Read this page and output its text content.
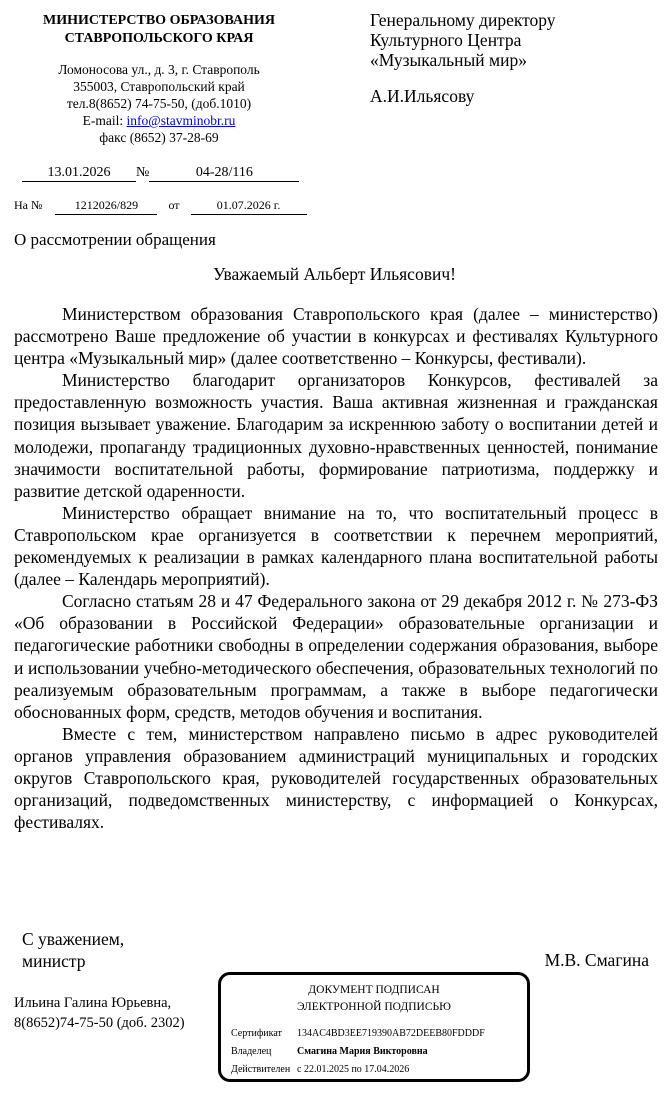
МИНИСТЕРСТВО ОБРАЗОВАНИЯ
СТАВРОПОЛЬСКОГО КРАЯ
Ломоносова ул., д. 3, г. Ставрополь
355003, Ставропольский край
тел.8(8652) 74-75-50, (доб.1010)
E-mail: info@stavminobr.ru
факс (8652) 37-28-69
Генеральному директору
Культурного Центра
«Музыкальный мир»
А.И.Ильясову
13.01.2026 №	04-28/116
На №	1212026/829	от	01.07.2026 г.
О рассмотрении обращения
Уважаемый Альберт Ильясович!

Министерством образования Ставропольского края (далее – министерство) рассмотрено Ваше предложение об участии в конкурсах и фестивалях Культурного центра «Музыкальный мир» (далее соответственно – Конкурсы, фестивали).

Министерство благодарит организаторов Конкурсов, фестивалей за предоставленную возможность участия. Ваша активная жизненная и гражданская позиция вызывает уважение. Благодарим за искреннюю заботу о воспитании детей и молодежи, пропаганду традиционных духовно-нравственных ценностей, понимание значимости воспитательной работы, формирование патриотизма, поддержку и развитие детской одаренности.

Министерство обращает внимание на то, что воспитательный процесс в Ставропольском крае организуется в соответствии к перечнем мероприятий, рекомендуемых к реализации в рамках календарного плана воспитательной работы (далее – Календарь мероприятий).

Согласно статьям 28 и 47 Федерального закона от 29 декабря 2012 г. № 273-ФЗ «Об образовании в Российской Федерации» образовательные организации и педагогические работники свободны в определении содержания образования, выборе и использовании учебно-методического обеспечения, образовательных технологий по реализуемым образовательным программам, а также в выборе педагогически обоснованных форм, средств, методов обучения и воспитания.

Вместе с тем, министерством направлено письмо в адрес руководителей органов управления образованием администраций муниципальных и городских округов Ставропольского края, руководителей государственных образовательных организаций, подведомственных министерству, с информацией о Конкурсах, фестивалях.

С уважением,
министр	М.В. Смагина
Ильина Галина Юрьевна,
8(8652)74-75-50 (доб. 2302)
ДОКУМЕНТ ПОДПИСАН
ЭЛЕКТРОННОЙ ПОДПИСЬЮ
Сертификат 134AC4BD3EE719390AB72DEEB80FDDDF
Владелец	Смагина Мария Викторовна
Действителен с 22.01.2025 по 17.04.2026
